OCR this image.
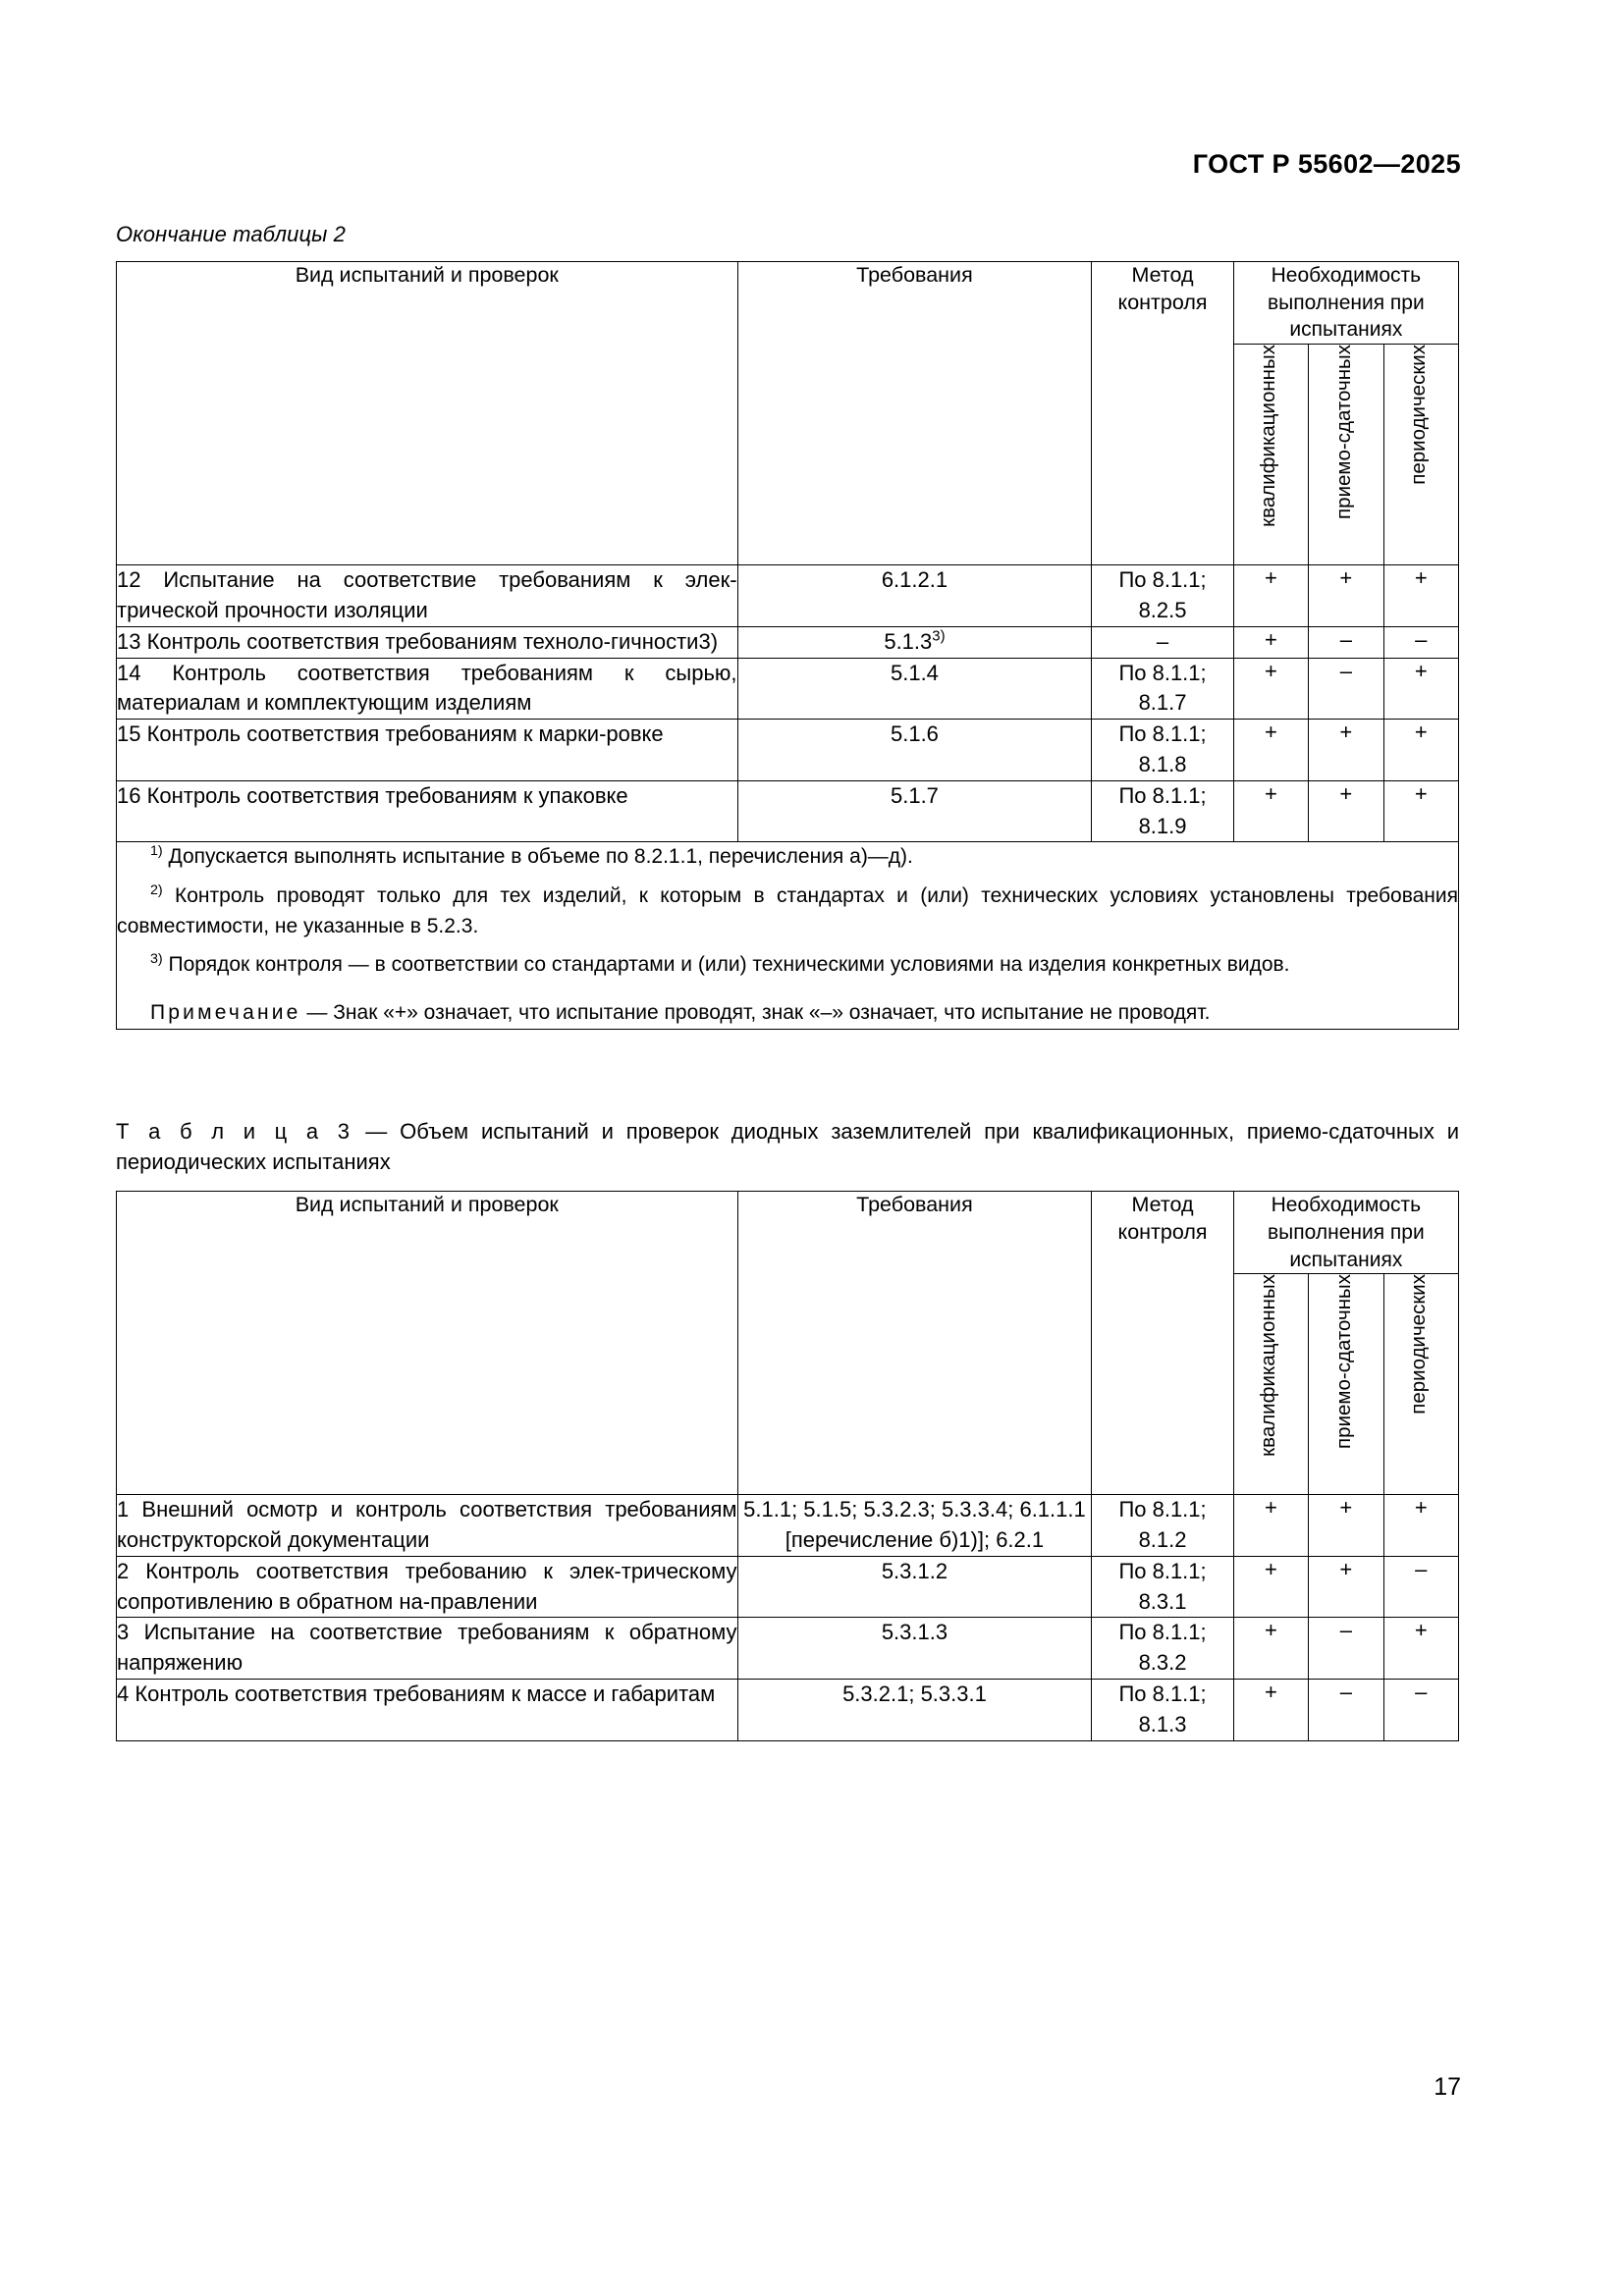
ГОСТ Р 55602—2025
Окончание таблицы 2
Вид испытаний и проверок	Требования	Метод контроля	Необходимость выполнения при испытаниях		

			квалификационных	приемо-сдаточных	периодических

12 Испытание на соответствие требованиям к элек-трической прочности изоляции	6.1.2.1	По 8.1.1; 8.2.5	+	+	+
13 Контроль соответствия требованиям техноло-гичности3)	5.1.3$^{3)}$	–	+	–	–
14 Контроль соответствия требованиям к сырью, материалам и комплектующим изделиям	5.1.4	По 8.1.1; 8.1.7	+	–	+
15 Контроль соответствия требованиям к марки-ровке	5.1.6	По 8.1.1; 8.1.8	+	+	+
16 Контроль соответствия требованиям к упаковке	5.1.7	По 8.1.1; 8.1.9	+	+	+

$^{1)}$ Допускается выполнять испытание в объеме по 8.2.1.1, перечисления а)—д).

$^{2)}$ Контроль проводят только для тех изделий, к которым в стандартах и (или) технических условиях установлены требования совместимости, не указанные в 5.2.3.

$^{3)}$ Порядок контроля — в соответствии со стандартами и (или) техническими условиями на изделия конкретных видов.

Примечание — Знак «+» означает, что испытание проводят, знак «–» означает, что испытание не проводят.					

Т а б л и ц а 3 — Объем испытаний и проверок диодных заземлителей при квалификационных, приемо-сдаточных и периодических испытаниях

Вид испытаний и проверок	Требования	Метод контроля	Необходимость выполнения при испытаниях		

			квалификационных	приемо-сдаточных	периодических

1 Внешний осмотр и контроль соответствия требованиям конструкторской документации	5.1.1; 5.1.5; 5.3.2.3; 5.3.3.4; 6.1.1.1 [перечисление б)1)]; 6.2.1	По 8.1.1; 8.1.2	+	+	+
2 Контроль соответствия требованию к элек-трическому сопротивлению в обратном на-правлении	5.3.1.2	По 8.1.1; 8.3.1	+	+	–
3 Испытание на соответствие требованиям к обратному напряжению	5.3.1.3	По 8.1.1; 8.3.2	+	–	+
4 Контроль соответствия требованиям к массе и габаритам	5.3.2.1; 5.3.3.1	По 8.1.1; 8.1.3	+	–	–
17
